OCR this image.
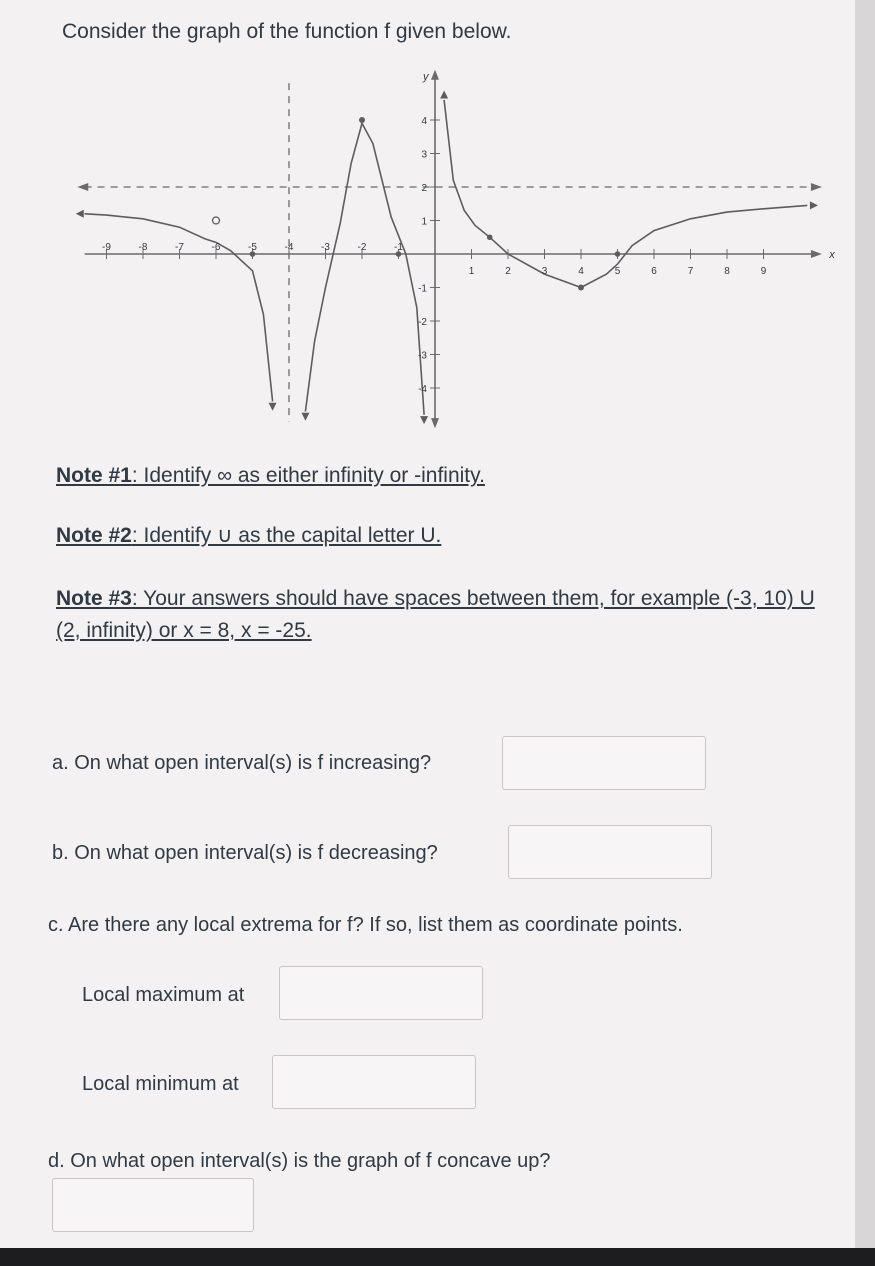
Consider the graph of the function f given below.
-9	-8	-7	-6	-5	-4	-3	-2	-1
1	2	3	4	5	6	7	8	9
4
3
2
1
-1
-2
-3
-4
x
y
Note #1: Identify ∞ as either infinity or -infinity.
Note #2: Identify ∪ as the capital letter U.
Note #3: Your answers should have spaces between them, for example (-3, 10) U (2, infinity) or x = 8, x = -25.
a. On what open interval(s) is f increasing?
b. On what open interval(s) is f decreasing?
c. Are there any local extrema for f? If so, list them as coordinate points.
Local maximum at
Local minimum at
d. On what open interval(s) is the graph of f concave up?
